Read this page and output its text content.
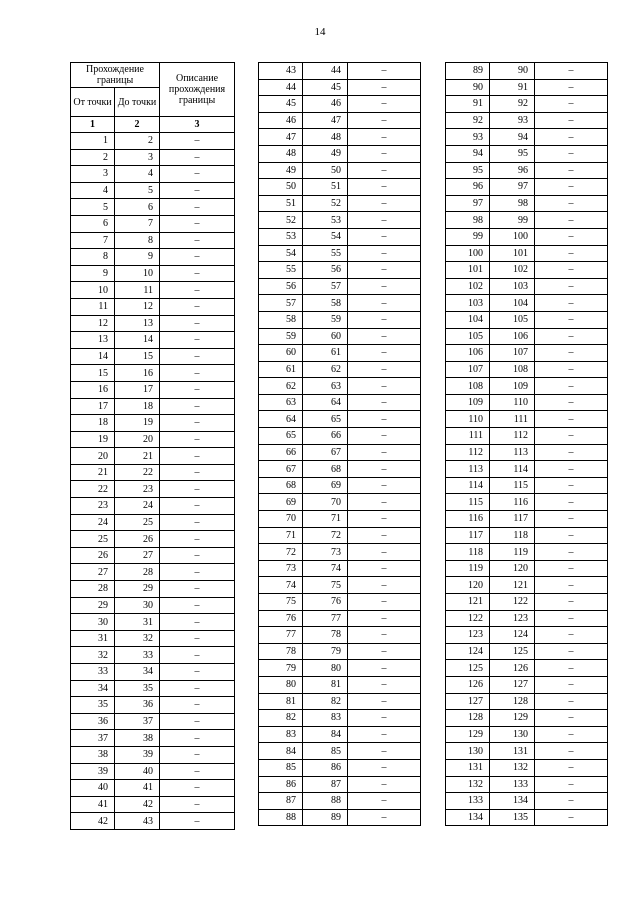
14
Прохождение границы		Описание прохождения границы
От точки	До точки	
1	2	3
1	2	–
2	3	–
3	4	–
4	5	–
5	6	–
6	7	–
7	8	–
8	9	–
9	10	–
10	11	–
11	12	–
12	13	–
13	14	–
14	15	–
15	16	–
16	17	–
17	18	–
18	19	–
19	20	–
20	21	–
21	22	–
22	23	–
23	24	–
24	25	–
25	26	–
26	27	–
27	28	–
28	29	–
29	30	–
30	31	–
31	32	–
32	33	–
33	34	–
34	35	–
35	36	–
36	37	–
37	38	–
38	39	–
39	40	–
40	41	–
41	42	–
42	43	–
43	44	–
44	45	–
45	46	–
46	47	–
47	48	–
48	49	–
49	50	–
50	51	–
51	52	–
52	53	–
53	54	–
54	55	–
55	56	–
56	57	–
57	58	–
58	59	–
59	60	–
60	61	–
61	62	–
62	63	–
63	64	–
64	65	–
65	66	–
66	67	–
67	68	–
68	69	–
69	70	–
70	71	–
71	72	–
72	73	–
73	74	–
74	75	–
75	76	–
76	77	–
77	78	–
78	79	–
79	80	–
80	81	–
81	82	–
82	83	–
83	84	–
84	85	–
85	86	–
86	87	–
87	88	–
88	89	–
89	90	–
90	91	–
91	92	–
92	93	–
93	94	–
94	95	–
95	96	–
96	97	–
97	98	–
98	99	–
99	100	–
100	101	–
101	102	–
102	103	–
103	104	–
104	105	–
105	106	–
106	107	–
107	108	–
108	109	–
109	110	–
110	111	–
111	112	–
112	113	–
113	114	–
114	115	–
115	116	–
116	117	–
117	118	–
118	119	–
119	120	–
120	121	–
121	122	–
122	123	–
123	124	–
124	125	–
125	126	–
126	127	–
127	128	–
128	129	–
129	130	–
130	131	–
131	132	–
132	133	–
133	134	–
134	135	–
